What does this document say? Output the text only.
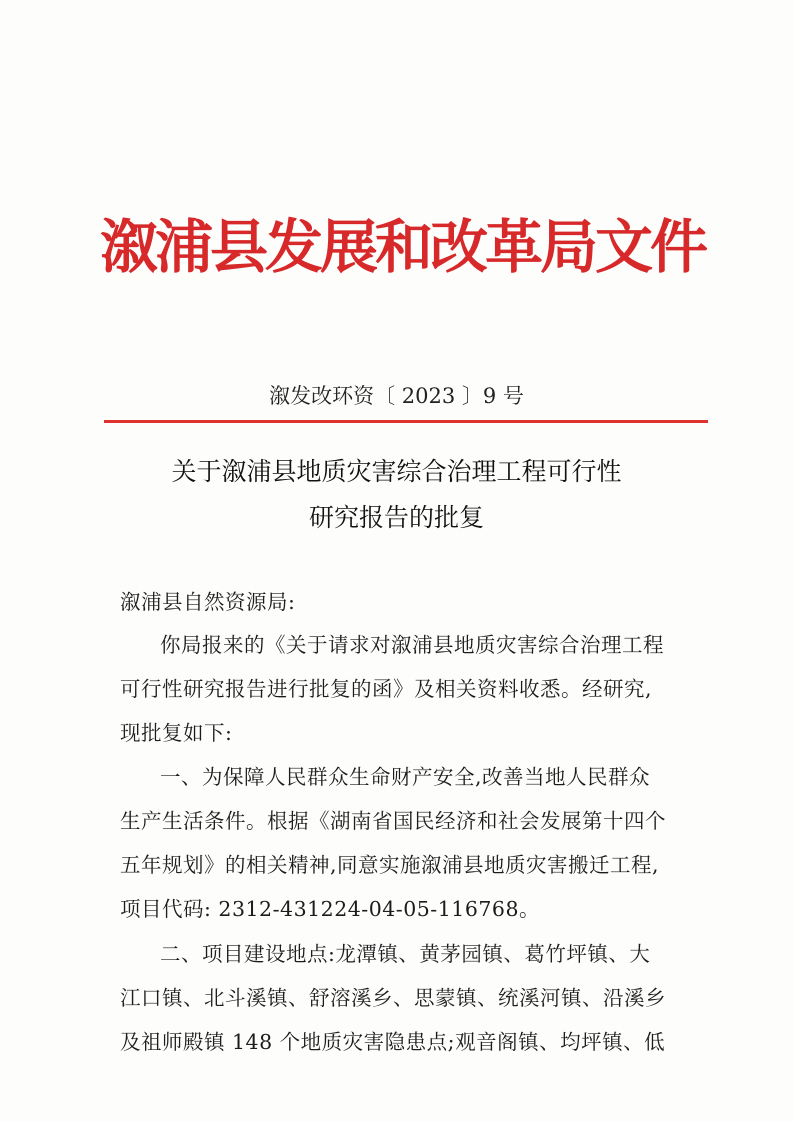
溆浦县发展和改革局文件
溆发改环资〔 2023 〕9 号
关于溆浦县地质灾害综合治理工程可行性
研究报告的批复
溆浦县自然资源局:
你局报来的《关于请求对溆浦县地质灾害综合治理工程
可行性研究报告进行批复的函》及相关资料收悉。经研究,
现批复如下:
一、为保障人民群众生命财产安全,改善当地人民群众
生产生活条件。根据《湖南省国民经济和社会发展第十四个
五年规划》的相关精神,同意实施溆浦县地质灾害搬迁工程,
项目代码: 2312-431224-04-05-116768。
二、项目建设地点:龙潭镇、黄茅园镇、葛竹坪镇、大
江口镇、北斗溪镇、舒溶溪乡、思蒙镇、统溪河镇、沿溪乡
及祖师殿镇 148 个地质灾害隐患点;观音阁镇、均坪镇、低
